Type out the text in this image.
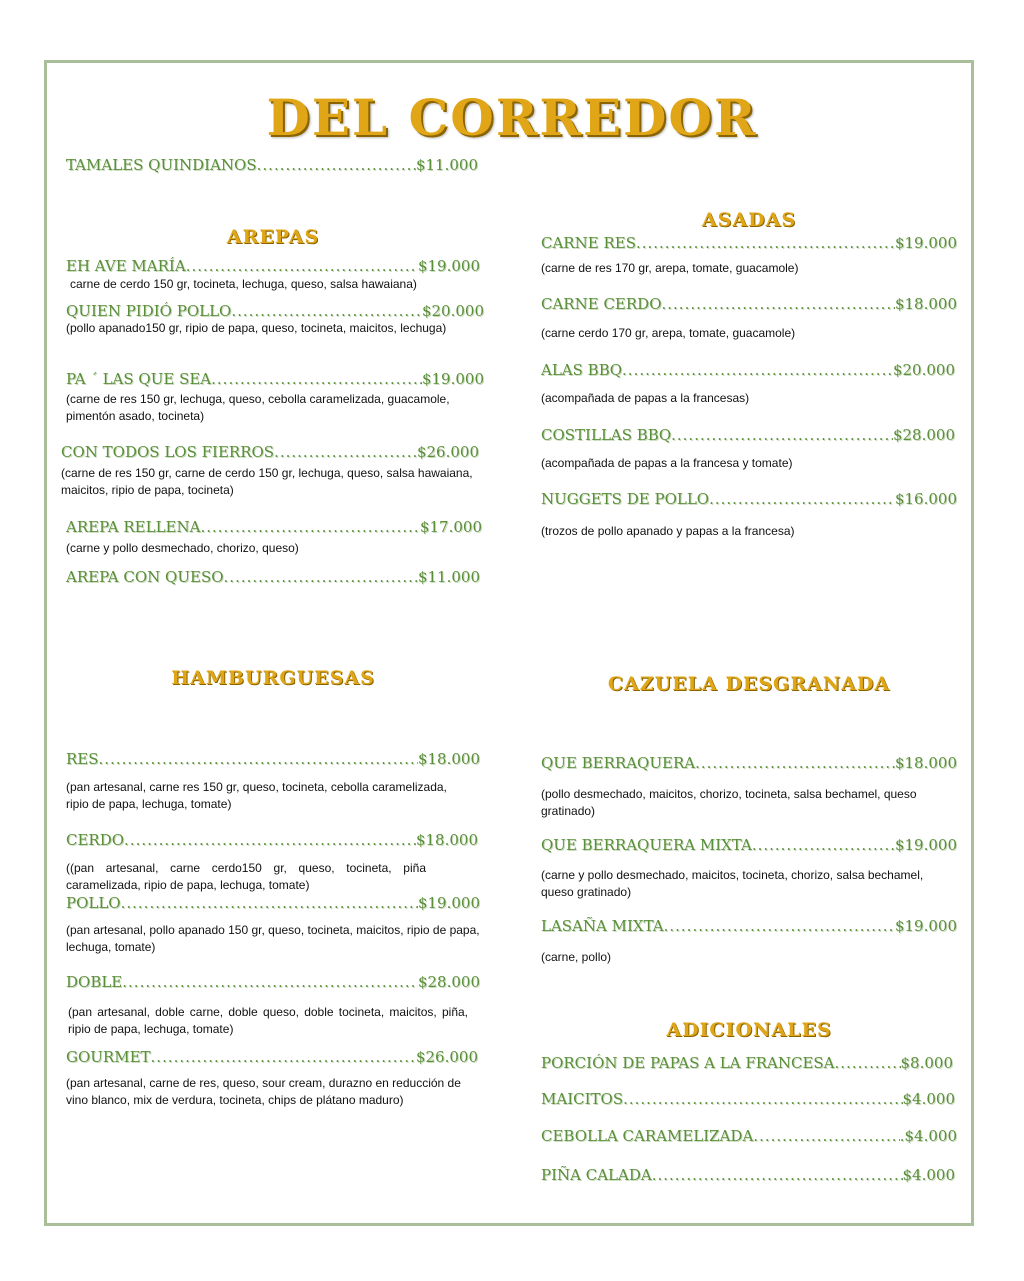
DEL CORREDOR
TAMALES QUINDIANOS .....	$11.000
AREPAS
EH AVE MARÍA .....	$19.000
carne de cerdo 150 gr, tocineta, lechuga, queso, salsa hawaiana)
QUIEN PIDIÓ POLLO .....	$20.000
(pollo apanado150 gr, ripio de papa, queso, tocineta, maicitos, lechuga)
PA ´ LAS QUE SEA .....	$19.000
(carne de res 150 gr, lechuga, queso, cebolla caramelizada, guacamole, pimentón asado, tocineta)
CON TODOS LOS FIERROS .....	$26.000
(carne de res 150 gr, carne de cerdo 150 gr, lechuga, queso, salsa hawaiana, maicitos, ripio de papa, tocineta)
AREPA RELLENA .....	$17.000
(carne y pollo desmechado, chorizo, queso)
AREPA CON QUESO .....	$11.000
ASADAS
CARNE RES .....	$19.000
(carne de res 170 gr, arepa, tomate, guacamole)
CARNE CERDO .....	$18.000
(carne cerdo 170 gr, arepa, tomate, guacamole)
ALAS BBQ .....	$20.000
(acompañada de papas a la francesas)
COSTILLAS BBQ .....	$28.000
(acompañada de papas a la francesa y tomate)
NUGGETS DE POLLO .....	$16.000
(trozos de pollo apanado y papas a la francesa)
HAMBURGUESAS
RES .....	$18.000
(pan artesanal, carne res 150 gr, queso, tocineta, cebolla caramelizada, ripio de papa, lechuga, tomate)
CERDO .....	$18.000
((pan artesanal, carne cerdo150 gr, queso, tocineta, piña caramelizada, ripio de papa, lechuga, tomate)
POLLO .....	$19.000
(pan artesanal, pollo apanado 150 gr, queso, tocineta, maicitos, ripio de papa, lechuga, tomate)
DOBLE .....	$28.000
(pan artesanal, doble carne, doble queso, doble tocineta, maicitos, piña, ripio de papa, lechuga, tomate)
GOURMET .....	$26.000
(pan artesanal, carne de res, queso, sour cream, durazno en reducción de vino blanco, mix de verdura, tocineta, chips de plátano maduro)
CAZUELA DESGRANADA
QUE BERRAQUERA .....	$18.000
(pollo desmechado, maicitos, chorizo, tocineta, salsa bechamel, queso gratinado)
QUE BERRAQUERA MIXTA .....	$19.000
(carne y pollo desmechado, maicitos, tocineta, chorizo, salsa bechamel, queso gratinado)
LASAÑA MIXTA .....	$19.000
(carne, pollo)
ADICIONALES
PORCIÓN DE PAPAS A LA FRANCESA .....	$8.000
MAICITOS .....	$4.000
CEBOLLA CARAMELIZADA .....	.$4.000
PIÑA CALADA .....	$4.000
